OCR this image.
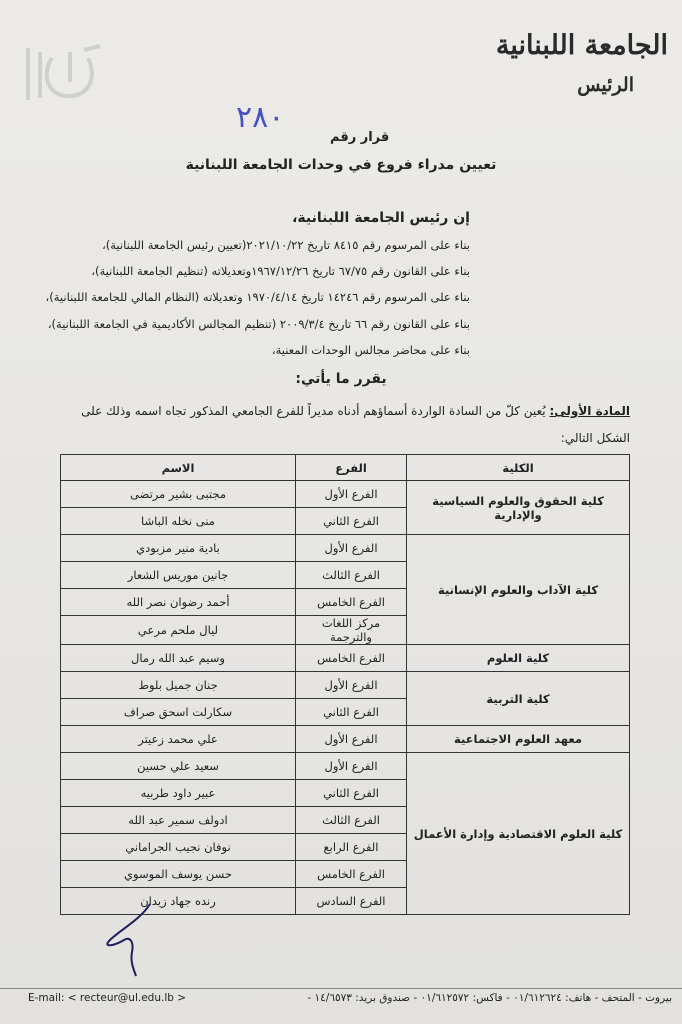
الجامعة اللبنانية
الرئيس
٢٨٠
قرار رقم
تعيين مدراء فروع في وحدات الجامعة اللبنانية
إن رئيس الجامعة اللبنانية،
بناء على المرسوم رقم ٨٤١٥ تاريخ ٢٠٢١/١٠/٢٢(تعيين رئيس الجامعة اللبنانية)،
بناء على القانون رقم ٦٧/٧٥ تاريخ ١٩٦٧/١٢/٢٦وتعديلاته (تنظيم الجامعة اللبنانية)،
بناء على المرسوم رقم ١٤٢٤٦ تاريخ ١٩٧٠/٤/١٤ وتعديلاته (النظام المالي للجامعة اللبنانية)،
بناء على القانون رقم ٦٦ تاريخ ٢٠٠٩/٣/٤ (تنظيم المجالس الأكاديمية في الجامعة اللبنانية)،
بناء على محاضر مجالس الوحدات المعنية،
يقرر ما يأتي:
المادة الأولى: يُعين كلّ من السادة الواردة أسماؤهم أدناه مديراً للفرع الجامعي المذكور تجاه اسمه وذلك على الشكل التالي:
الكلية	الفرع	الاسم
كلية الحقوق والعلوم السياسية والإدارية	الفرع الأول	مجتبى بشير مرتضى
	الفرع الثاني	منى نخله الباشا
كلية الآداب والعلوم الإنسانية	الفرع الأول	بادية منير مزبودي
	الفرع الثالث	جانين موريس الشعار
	الفرع الخامس	أحمد رضوان نصر الله
	مركز اللغات والترجمة	ليال ملحم مرعي
كلية العلوم	الفرع الخامس	وسيم عبد الله رمال
كلية التربية	الفرع الأول	جنان جميل بلوط
	الفرع الثاني	سكارلت اسحق صراف
معهد العلوم الاجتماعية	الفرع الأول	علي محمد زعيتر
كلية العلوم الاقتصادية وإدارة الأعمال	الفرع الأول	سعيد علي حسين
	الفرع الثاني	عبير داود طربيه
	الفرع الثالث	ادولف سمير عبد الله
	الفرع الرابع	نوفان نجيب الجراماني
	الفرع الخامس	حسن يوسف الموسوي
	الفرع السادس	رنده جهاد زيدان
بيروت - المتحف - هاتف: ٠١/٦١٢٦٢٤ - فاكس: ٠١/٦١٢٥٧٢ - صندوق بريد: ١٤/٦٥٧٣ -
E-mail: < recteur@ul.edu.lb >
